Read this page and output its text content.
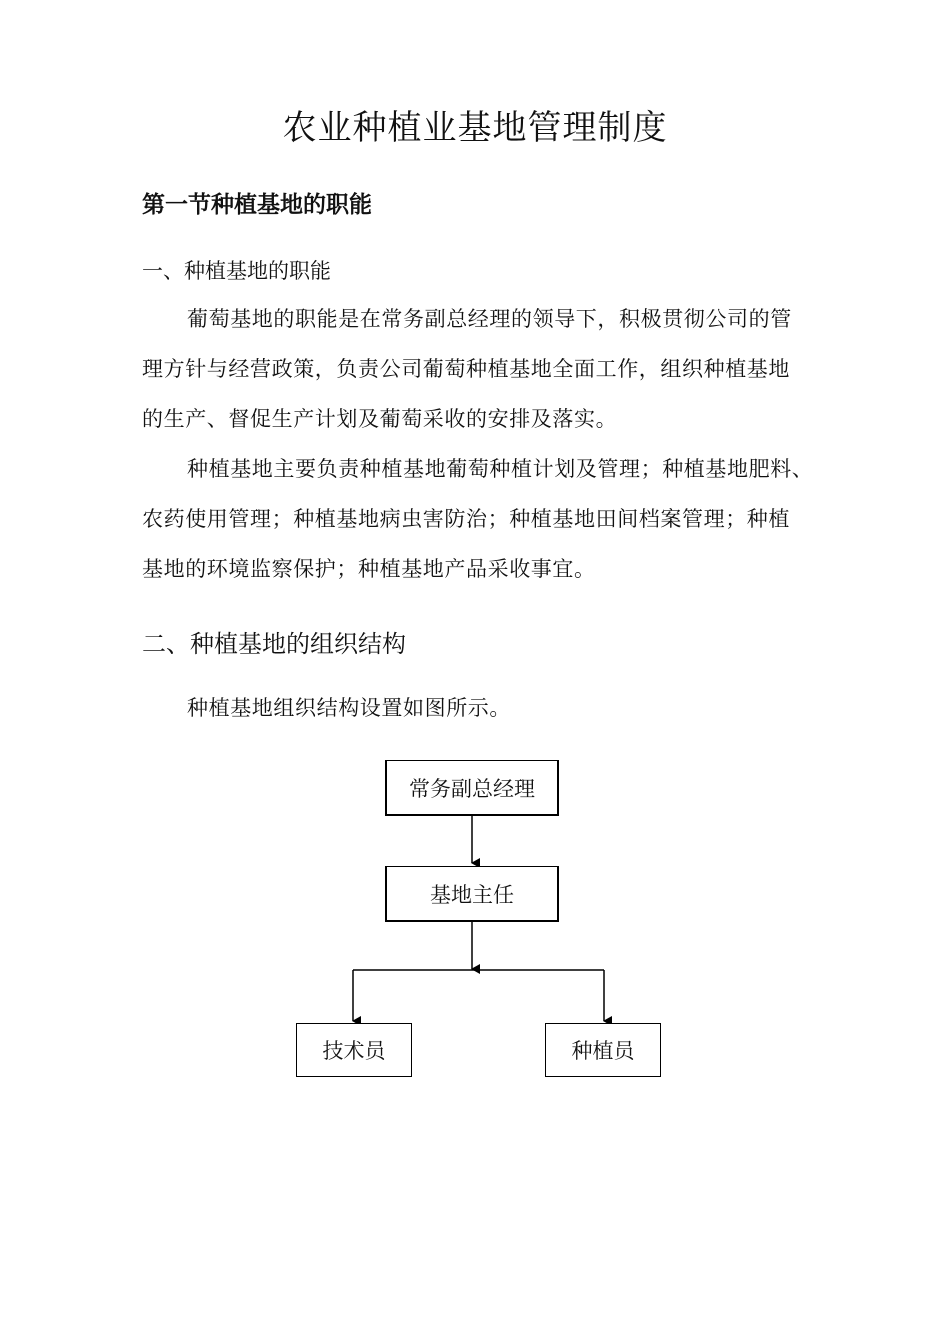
农业种植业基地管理制度
第一节种植基地的职能
一、种植基地的职能
葡萄基地的职能是在常务副总经理的领导下，积极贯彻公司的管
理方针与经营政策，负责公司葡萄种植基地全面工作，组织种植基地
的生产、督促生产计划及葡萄采收的安排及落实。
种植基地主要负责种植基地葡萄种植计划及管理；种植基地肥料、
农药使用管理；种植基地病虫害防治；种植基地田间档案管理；种植
基地的环境监察保护；种植基地产品采收事宜。
二、种植基地的组织结构
种植基地组织结构设置如图所示。
常务副总经理
基地主任
技术员	种植员
